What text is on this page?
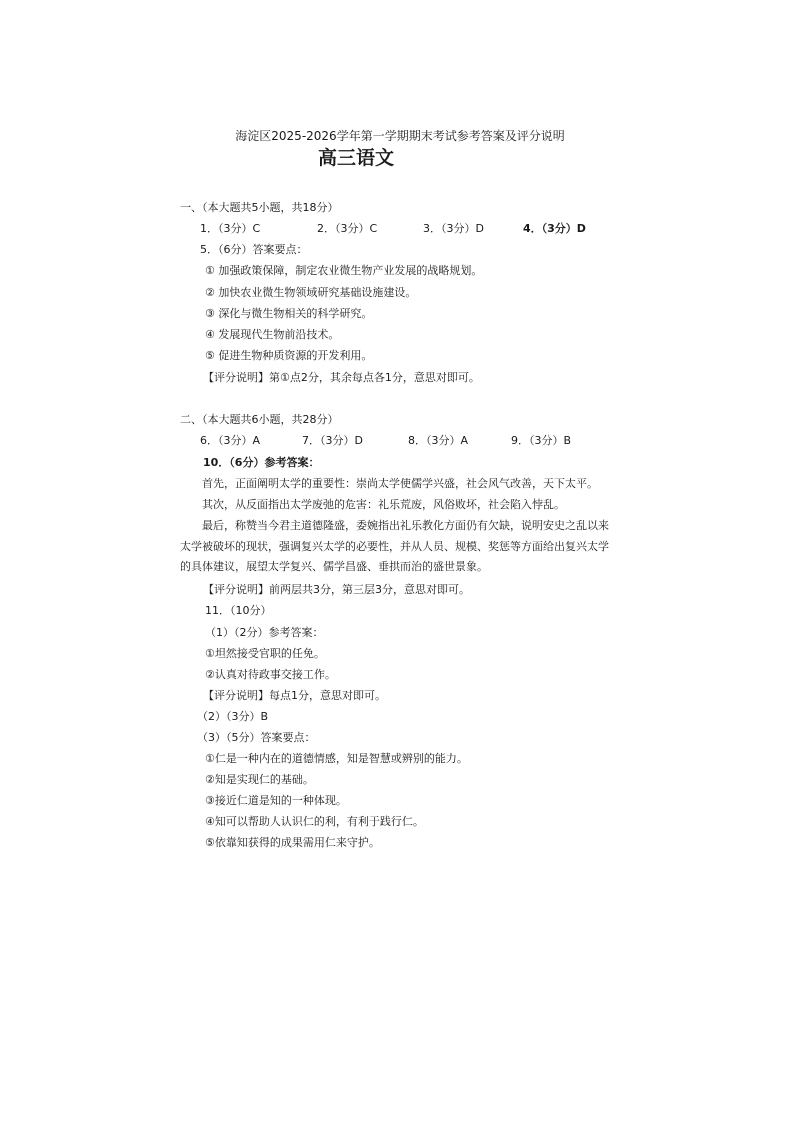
海淀区2025-2026学年第一学期期末考试参考答案及评分说明
高三语文
一、（本大题共5小题，共18分）
1．（3分）C	2．（3分）C	3．（3分）D	4．（3分）D
5．（6分）答案要点：
① 加强政策保障，制定农业微生物产业发展的战略规划。
② 加快农业微生物领域研究基础设施建设。
③ 深化与微生物相关的科学研究。
④ 发展现代生物前沿技术。
⑤ 促进生物种质资源的开发利用。
【评分说明】第①点2分，其余每点各1分，意思对即可。
二、（本大题共6小题，共28分）
6．（3分）A	7．（3分）D	8．（3分）A	9．（3分）B
10．（6分）参考答案：
首先，正面阐明太学的重要性：崇尚太学使儒学兴盛，社会风气改善，天下太平。
其次，从反面指出太学废弛的危害：礼乐荒废，风俗败坏，社会陷入悖乱。
最后，称赞当今君主道德隆盛，委婉指出礼乐教化方面仍有欠缺，说明安史之乱以来太学被破坏的现状，强调复兴太学的必要性，并从人员、规模、奖惩等方面给出复兴太学的具体建议，展望太学复兴、儒学昌盛、垂拱而治的盛世景象。
【评分说明】前两层共3分，第三层3分，意思对即可。
11．（10分）
（1）（2分）参考答案：
①坦然接受官职的任免。
②认真对待政事交接工作。
【评分说明】每点1分，意思对即可。
（2）（3分）B
（3）（5分）答案要点：
①仁是一种内在的道德情感，知是智慧或辨别的能力。
②知是实现仁的基础。
③接近仁道是知的一种体现。
④知可以帮助人认识仁的利，有利于践行仁。
⑤依靠知获得的成果需用仁来守护。
